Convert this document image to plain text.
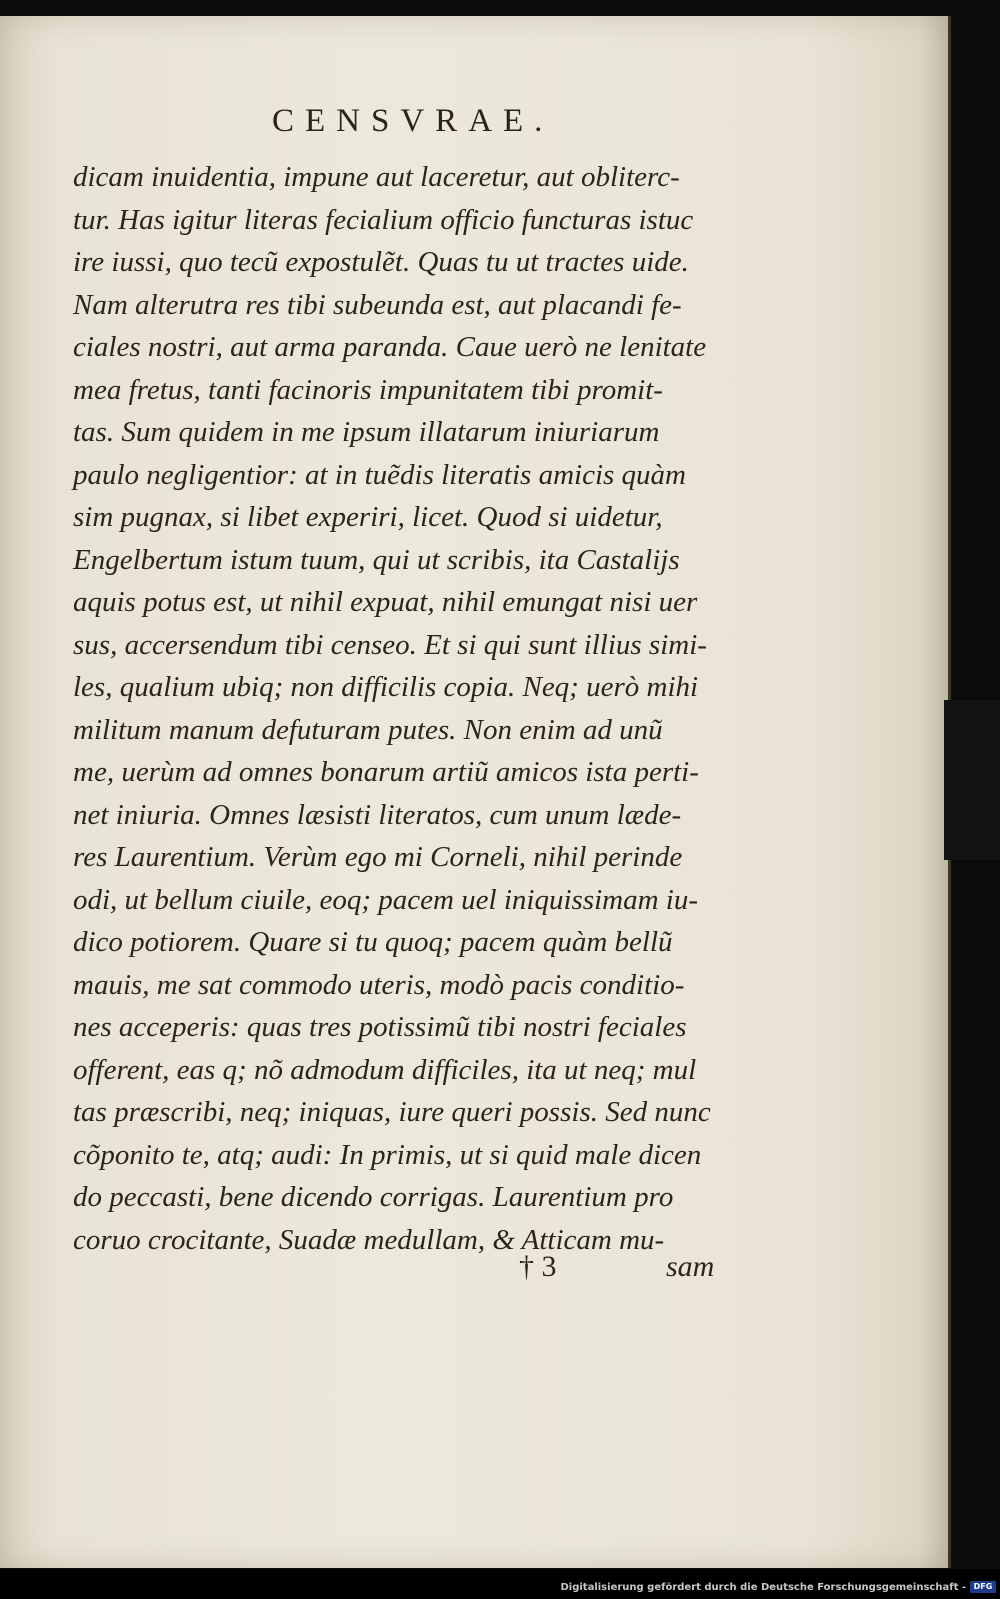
CENSVRAE.
dicam inuidentia, impune aut laceretur, aut obliterc-
tur. Has igitur literas fecialium officio functuras istuc
ire iussi, quo tecũ expostulẽt. Quas tu ut tractes uide.
Nam alterutra res tibi subeunda est, aut placandi fe-
ciales nostri, aut arma paranda. Caue uerò ne lenitate
mea fretus, tanti facinoris impunitatem tibi promit-
tas. Sum quidem in me ipsum illatarum iniuriarum
paulo negligentior: at in tuẽdis literatis amicis quàm
sim pugnax, si libet experiri, licet. Quod si uidetur,
Engelbertum istum tuum, qui ut scribis, ita Castalijs
aquis potus est, ut nihil expuat, nihil emungat nisi uer
sus, accersendum tibi censeo. Et si qui sunt illius simi-
les, qualium ubiq; non difficilis copia. Neq; uerò mihi
militum manum defuturam putes. Non enim ad unũ
me, uerùm ad omnes bonarum artiũ amicos ista perti-
net iniuria. Omnes læsisti literatos, cum unum læde-
res Laurentium. Verùm ego mi Corneli, nihil perinde
odi, ut bellum ciuile, eoq; pacem uel iniquissimam iu-
dico potiorem. Quare si tu quoq; pacem quàm bellũ
mauis, me sat commodo uteris, modò pacis conditio-
nes acceperis: quas tres potissimũ tibi nostri feciales
offerent, eas q; nõ admodum difficiles, ita ut neq; mul
tas præscribi, neq; iniquas, iure queri possis. Sed nunc
cõponito te, atq; audi: In primis, ut si quid male dicen
do peccasti, bene dicendo corrigas. Laurentium pro
coruo crocitante, Suadæ medullam, & Atticam mu-
† 3	sam
Digitalisierung gefördert durch die Deutsche Forschungsgemeinschaft - DFG
